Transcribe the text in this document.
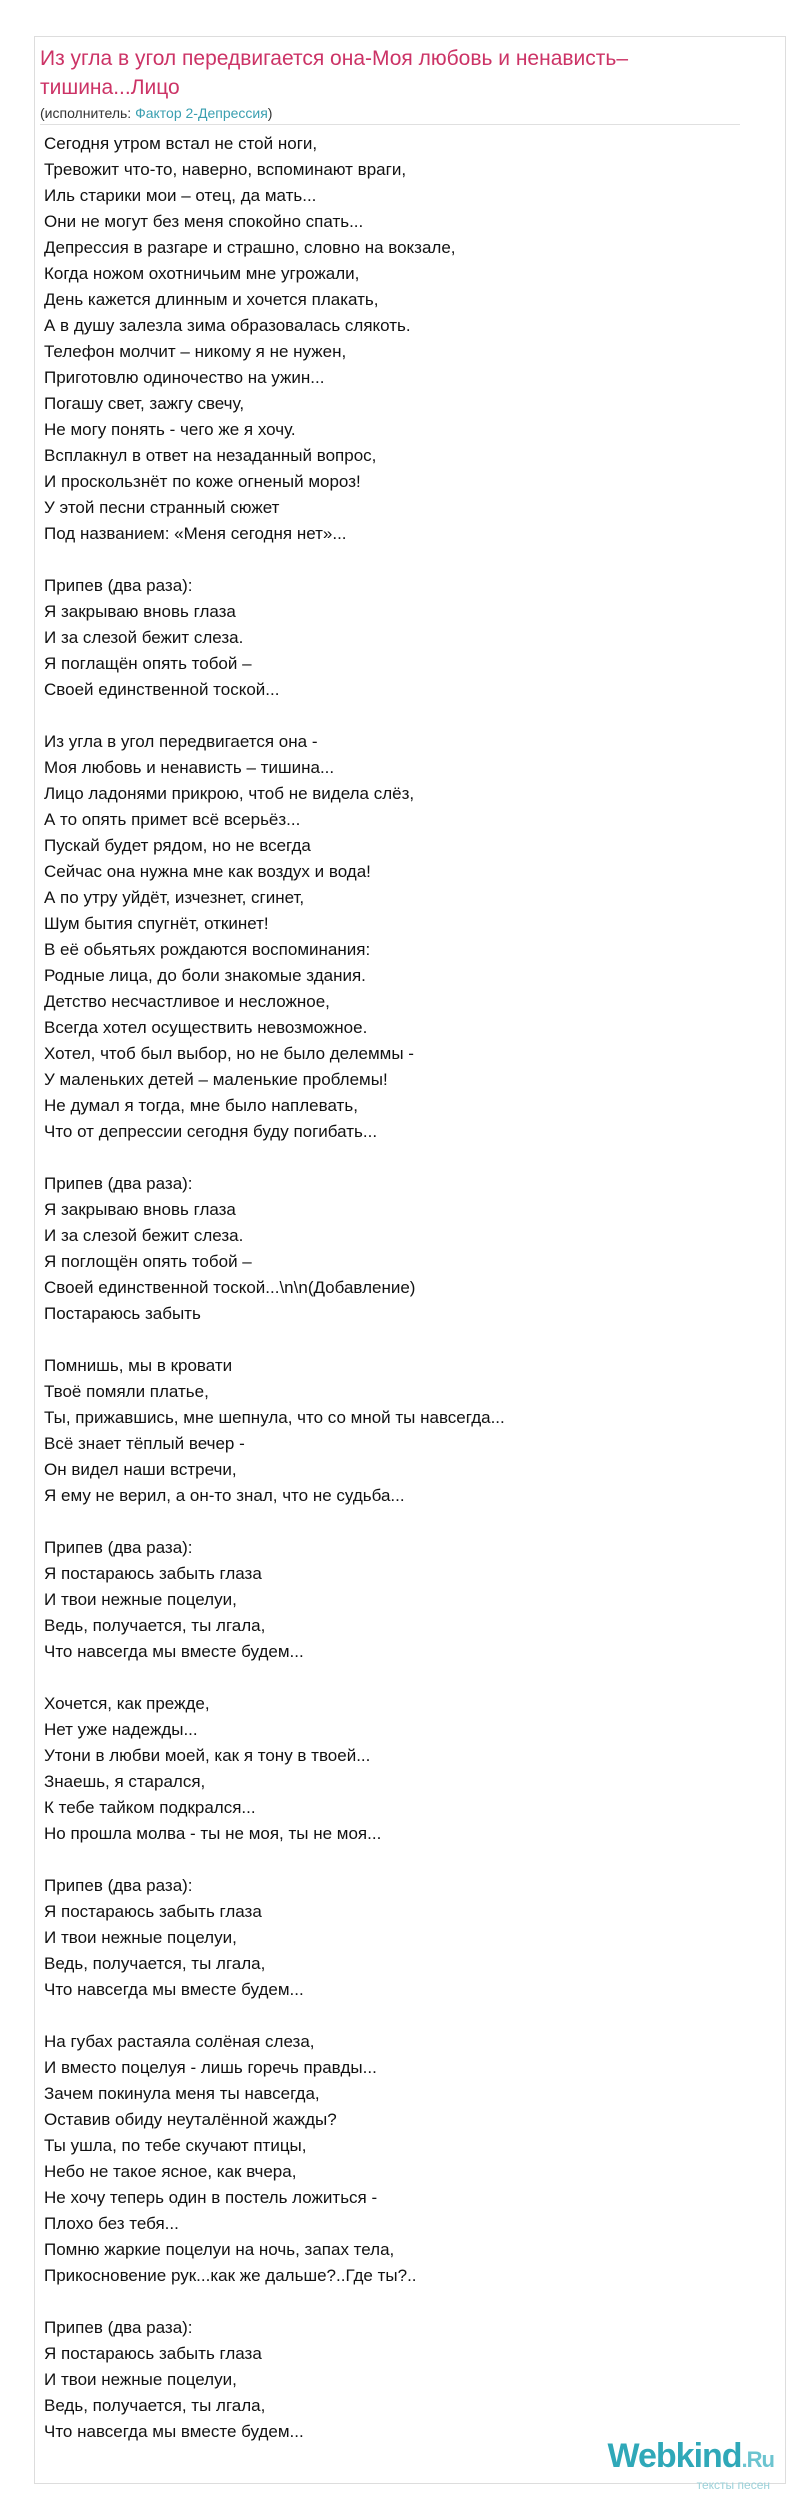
Из угла в угол передвигается она-Моя любовь и ненависть–тишина...Лицо
(исполнитель: Фактор 2-Депрессия)
Сегодня утром встал не стой ноги,
Тревожит что-то, наверно, вспоминают враги,
Иль старики мои – отец, да мать...
Они не могут без меня спокойно спать...
Депрессия в разгаре и страшно, словно на вокзале,
Когда ножом охотничьим мне угрожали,
День кажется длинным и хочется плакать,
А в душу залезла зима образовалась слякоть.
Телефон молчит – никому я не нужен,
Приготовлю одиночество на ужин...
Погашу свет, зажгу свечу,
Не могу понять - чего же я хочу.
Всплакнул в ответ на незаданный вопрос,
И проскользнёт по коже огненый мороз!
У этой песни странный сюжет
Под названием: «Меня сегодня нет»...
Припев (два раза):
Я закрываю вновь глаза
И за слезой бежит слеза.
Я поглащён опять тобой –
Своей единственной тоской...
Из угла в угол передвигается она -
Моя любовь и ненависть – тишина...
Лицо ладонями прикрою, чтоб не видела слёз,
А то опять примет всё всерьёз...
Пускай будет рядом, но не всегда
Сейчас она нужна мне как воздух и вода!
А по утру уйдёт, изчезнет, сгинет,
Шум бытия спугнёт, откинет!
В её обьятьях рождаются воспоминания:
Родные лица, до боли знакомые здания.
Детство несчастливое и несложное,
Всегда хотел осуществить невозможное.
Хотел, чтоб был выбор, но не было делеммы -
У маленьких детей – маленькие проблемы!
Не думал я тогда, мне было наплевать,
Что от депрессии сегодня буду погибать...
Припев (два раза):
Я закрываю вновь глаза
И за слезой бежит слеза.
Я поглощён опять тобой –
Своей единственной тоской...\n\n(Добавление)
Постараюсь забыть
Помнишь, мы в кровати
Твоё помяли платье,
Ты, прижавшись, мне шепнула, что со мной ты навсегда...
Всё знает тёплый вечер -
Он видел наши встречи,
Я ему не верил, а он-то знал, что не судьба...
Припев (два раза):
Я постараюсь забыть глаза
И твои нежные поцелуи,
Ведь, получается, ты лгала,
Что навсегда мы вместе будем...
Хочется, как прежде,
Нет уже надежды...
Утони в любви моей, как я тону в твоей...
Знаешь, я старался,
К тебе тайком подкрался...
Но прошла молва - ты не моя, ты не моя...
Припев (два раза):
Я постараюсь забыть глаза
И твои нежные поцелуи,
Ведь, получается, ты лгала,
Что навсегда мы вместе будем...
На губах растаяла солёная слеза,
И вместо поцелуя - лишь горечь правды...
Зачем покинула меня ты навсегда,
Оставив обиду неуталённой жажды?
Ты ушла, по тебе скучают птицы,
Небо не такое ясное, как вчера,
Не хочу теперь один в постель ложиться -
Плохо без тебя...
Помню жаркие поцелуи на ночь, запах тела,
Прикосновение рук...как же дальше?..Где ты?..
Припев (два раза):
Я постараюсь забыть глаза
И твои нежные поцелуи,
Ведь, получается, ты лгала,
Что навсегда мы вместе будем...
Webkind.Ru
тексты песен
